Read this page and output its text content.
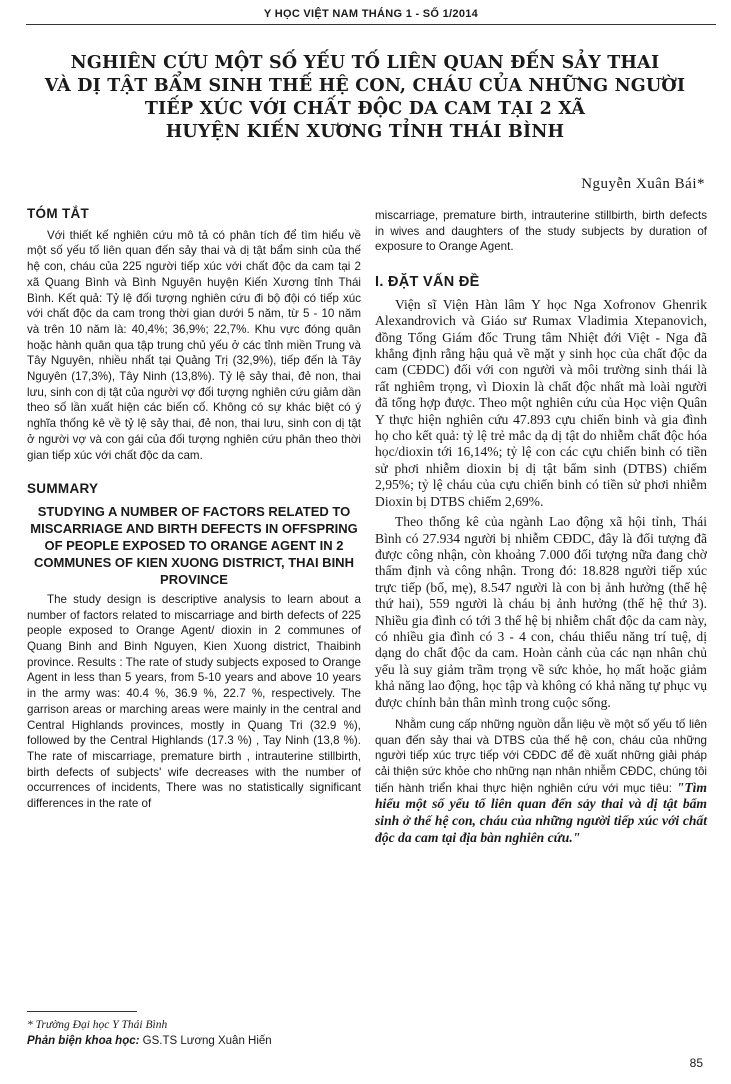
Y HỌC VIỆT NAM THÁNG 1 - SỐ 1/2014
NGHIÊN CỨU MỘT SỐ YẾU TỐ LIÊN QUAN ĐẾN SẢY THAI
VÀ DỊ TẬT BẨM SINH THẾ HỆ CON, CHÁU CỦA NHỮNG NGƯỜI
TIẾP XÚC VỚI CHẤT ĐỘC DA CAM TẠI 2 XÃ
HUYỆN KIẾN XƯƠNG TỈNH THÁI BÌNH
Nguyễn Xuân Bái*
TÓM TẮT

Với thiết kế nghiên cứu mô tả có phân tích để tìm hiểu về một số yếu tố liên quan đến sảy thai và dị tật bẩm sinh của thế hệ con, cháu của 225 người tiếp xúc với chất độc da cam tại 2 xã Quang Bình và Bình Nguyên huyện Kiến Xương tỉnh Thái Bình. Kết quả: Tỷ lệ đối tượng nghiên cứu đi bộ đội có tiếp xúc với chất độc da cam trong thời gian dưới 5 năm, từ 5 - 10 năm và trên 10 năm là: 40,4%; 36,9%; 22,7%. Khu vực đóng quân hoặc hành quân qua tập trung chủ yếu ở các tỉnh miền Trung và Tây Nguyên, nhiều nhất tại Quảng Trị (32,9%), tiếp đến là Tây Nguyên (17,3%), Tây Ninh (13,8%). Tỷ lệ sảy thai, đẻ non, thai lưu, sinh con dị tật của người vợ đối tượng nghiên cứu giảm dần theo số lần xuất hiện các biến cố. Không có sự khác biệt có ý nghĩa thống kê về tỷ lệ sảy thai, đẻ non, thai lưu, sinh con dị tật ở người vợ và con gái của đối tượng nghiên cứu phân theo thời gian tiếp xúc với chất độc da cam.

SUMMARY
STUDYING A NUMBER OF FACTORS RELATED TO MISCARRIAGE AND BIRTH DEFECTS IN OFFSPRING OF PEOPLE EXPOSED TO ORANGE AGENT IN 2 COMMUNES OF KIEN XUONG DISTRICT, THAI BINH PROVINCE

The study design is descriptive analysis to learn about a number of factors related to miscarriage and birth defects of 225 people exposed to Orange Agent/ dioxin in 2 communes of Quang Binh and Binh Nguyen, Kien Xuong district, Thaibinh province. Results : The rate of study subjects exposed to Orange Agent in less than 5 years, from 5-10 years and above 10 years in the army was: 40.4 %, 36.9 %, 22.7 %, respectively. The garrison areas or marching areas were mainly in the central and Central Highlands provinces, mostly in Quang Tri (32.9 %), followed by the Central Highlands (17.3 %) , Tay Ninh (13,8 %). The rate of miscarriage, premature birth , intrauterine stillbirth, birth defects of subjects' wife decreases with the number of occurrences of incidents, There was no statistically significant differences in the rate of

miscarriage, premature birth, intrauterine stillbirth, birth defects in wives and daughters of the study subjects by duration of exposure to Orange Agent.

I. ĐẶT VẤN ĐỀ

Viện sĩ Viện Hàn lâm Y học Nga Xofronov Ghenrik Alexandrovich và Giáo sư Rumax Vladimia Xtepanovich, đồng Tổng Giám đốc Trung tâm Nhiệt đới Việt - Nga đã khẳng định rằng hậu quả về mặt y sinh học của chất độc da cam (CĐDC) đối với con người và môi trường sinh thái là rất nghiêm trọng, vì Dioxin là chất độc nhất mà loài người đã tổng hợp được. Theo một nghiên cứu của Học viện Quân Y thực hiện nghiên cứu 47.893 cựu chiến binh và gia đình họ cho kết quả: tỷ lệ trẻ mắc dạ dị tật do nhiễm chất độc hóa học/dioxin tới 16,14%; tỷ lệ con các cựu chiến binh có tiền sử phơi nhiễm dioxin bị dị tật bẩm sinh (DTBS) chiếm 2,95%; tỷ lệ cháu của cựu chiến binh có tiền sử phơi nhiễm Dioxin bị DTBS chiếm 2,69%.

Theo thống kê của ngành Lao động xã hội tỉnh, Thái Bình có 27.934 người bị nhiễm CĐDC, đây là đối tượng đã được công nhận, còn khoảng 7.000 đối tượng nữa đang chờ thẩm định và công nhận. Trong đó: 18.828 người tiếp xúc trực tiếp (bố, mẹ), 8.547 người là con bị ảnh hưởng (thế hệ thứ hai), 559 người là cháu bị ảnh hưởng (thế hệ thứ 3). Nhiều gia đình có tới 3 thế hệ bị nhiễm chất độc da cam này, có nhiều gia đình có 3 - 4 con, cháu thiểu năng trí tuệ, dị dạng do chất độc da cam. Hoàn cảnh của các nạn nhân chủ yếu là suy giảm trầm trọng về sức khỏe, họ mất hoặc giảm khả năng lao động, học tập và không có khả năng tự phục vụ được chính bản thân mình trong cuộc sống.

Nhằm cung cấp những nguồn dẫn liệu về một số yếu tố liên quan đến sảy thai và DTBS của thế hệ con, cháu của những người tiếp xúc trực tiếp với CĐDC để đề xuất những giải pháp cải thiện sức khỏe cho những nạn nhân nhiễm CĐDC, chúng tôi tiến hành triển khai thực hiện nghiên cứu với mục tiêu: "Tìm hiểu một số yếu tố liên quan đến sảy thai và dị tật bẩm sinh ở thế hệ con, cháu của những người tiếp xúc với chất độc da cam tại địa bàn nghiên cứu."

* Trường Đại học Y Thái Bình
Phản biện khoa học: GS.TS Lương Xuân Hiến
85
